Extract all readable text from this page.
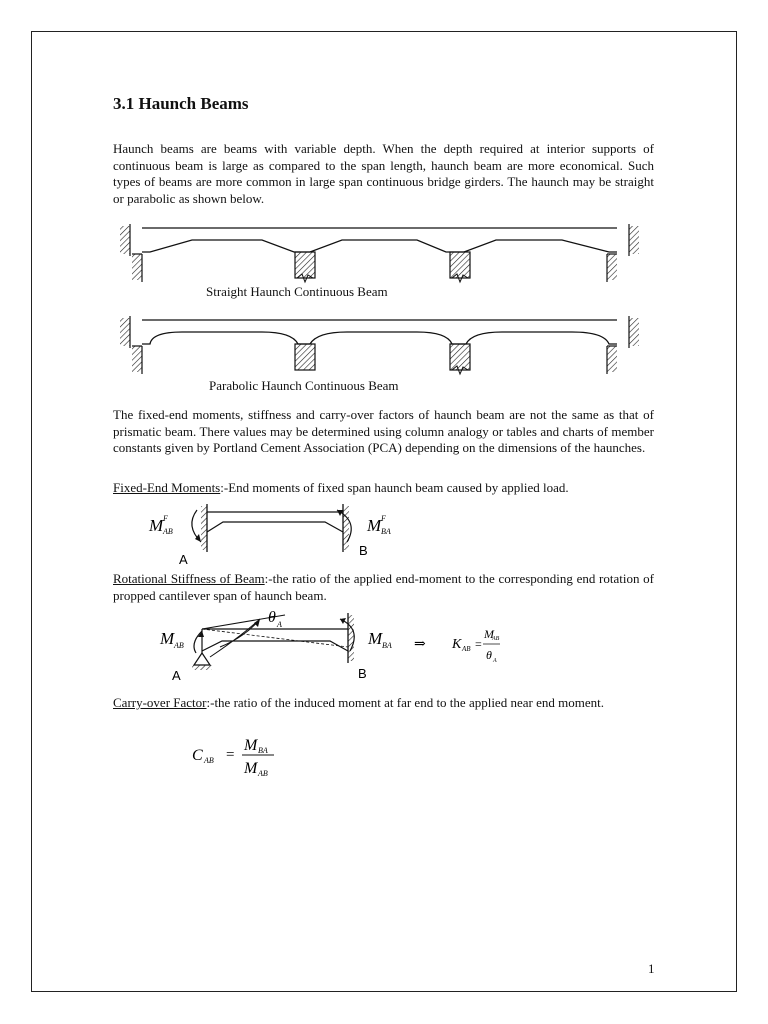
3.1 Haunch Beams

Haunch beams are beams with variable depth. When the depth required at interior supports of continuous beam is large as compared to the span length, haunch beam are more economical. Such types of beams are more common in large span continuous bridge girders. The haunch may be straight or parabolic as shown below.

Straight Haunch Continuous Beam
Parabolic Haunch Continuous Beam

The fixed-end moments, stiffness and carry-over factors of haunch beam are not the same as that of prismatic beam. There values may be determined using column analogy or tables and charts of member constants given by Portland Cement Association (PCA) depending on the dimensions of the haunches.

Fixed-End Moments:-End moments of fixed span haunch beam caused by applied load.

M F
AB	M F
BA
A
B

Rotational Stiffness of Beam:-the ratio of the applied end-moment to the corresponding end rotation of propped cantilever span of haunch beam.

M AB
θ A
M BA ⇒ K AB =
M
AB
θ A
A	B

Carry-over Factor:-the ratio of the induced moment at far end to the applied near end moment.

C AB =
M BA
M AB
1
